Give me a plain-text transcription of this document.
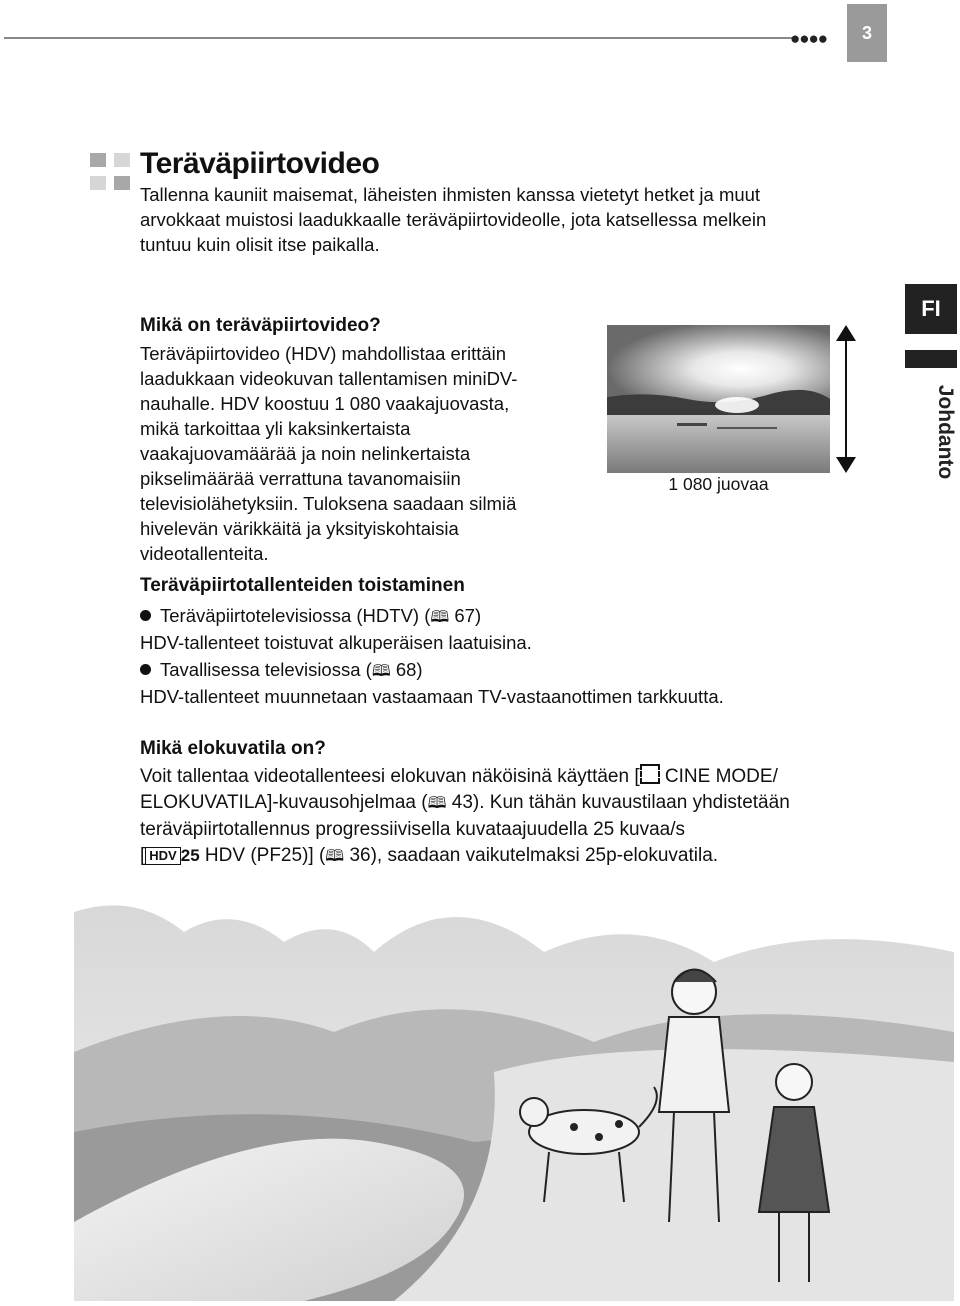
●●●●	3
FI
Johdanto
Teräväpiirtovideo
Tallenna kauniit maisemat, läheisten ihmisten kanssa vietetyt hetket ja muut
arvokkaat muistosi laadukkaalle teräväpiirtovideolle, jota katsellessa melkein
tuntuu kuin olisit itse paikalla.
Mikä on teräväpiirtovideo?
Teräväpiirtovideo (HDV) mahdollistaa erittäin
laadukkaan videokuvan tallentamisen miniDV-
nauhalle. HDV koostuu 1 080 vaakajuovasta,
mikä tarkoittaa yli kaksinkertaista
vaakajuovamäärää ja noin nelinkertaista
pikselimäärää verrattuna tavanomaisiin
televisiolähetyksiin. Tuloksena saadaan silmiä
hivelevän värikkäitä ja yksityiskohtaisia
videotallenteita.
1 080 juovaa
Teräväpiirtotallenteiden toistaminen
Teräväpiirtotelevisiossa (HDTV) (🕮 67)
HDV-tallenteet toistuvat alkuperäisen laatuisina.
Tavallisessa televisiossa (🕮 68)
HDV-tallenteet muunnetaan vastaamaan TV-vastaanottimen tarkkuutta.
Mikä elokuvatila on?
Voit tallentaa videotallenteesi elokuvan näköisinä käyttäen [ CINE MODE/
ELOKUVATILA]-kuvausohjelmaa (🕮 43). Kun tähän kuvaustilaan yhdistetään
teräväpiirtotallennus progressiivisella kuvataajuudella 25 kuvaa/s
[ HDV 25 HDV (PF25)] (🕮 36), saadaan vaikutelmaksi 25p-elokuvatila.
